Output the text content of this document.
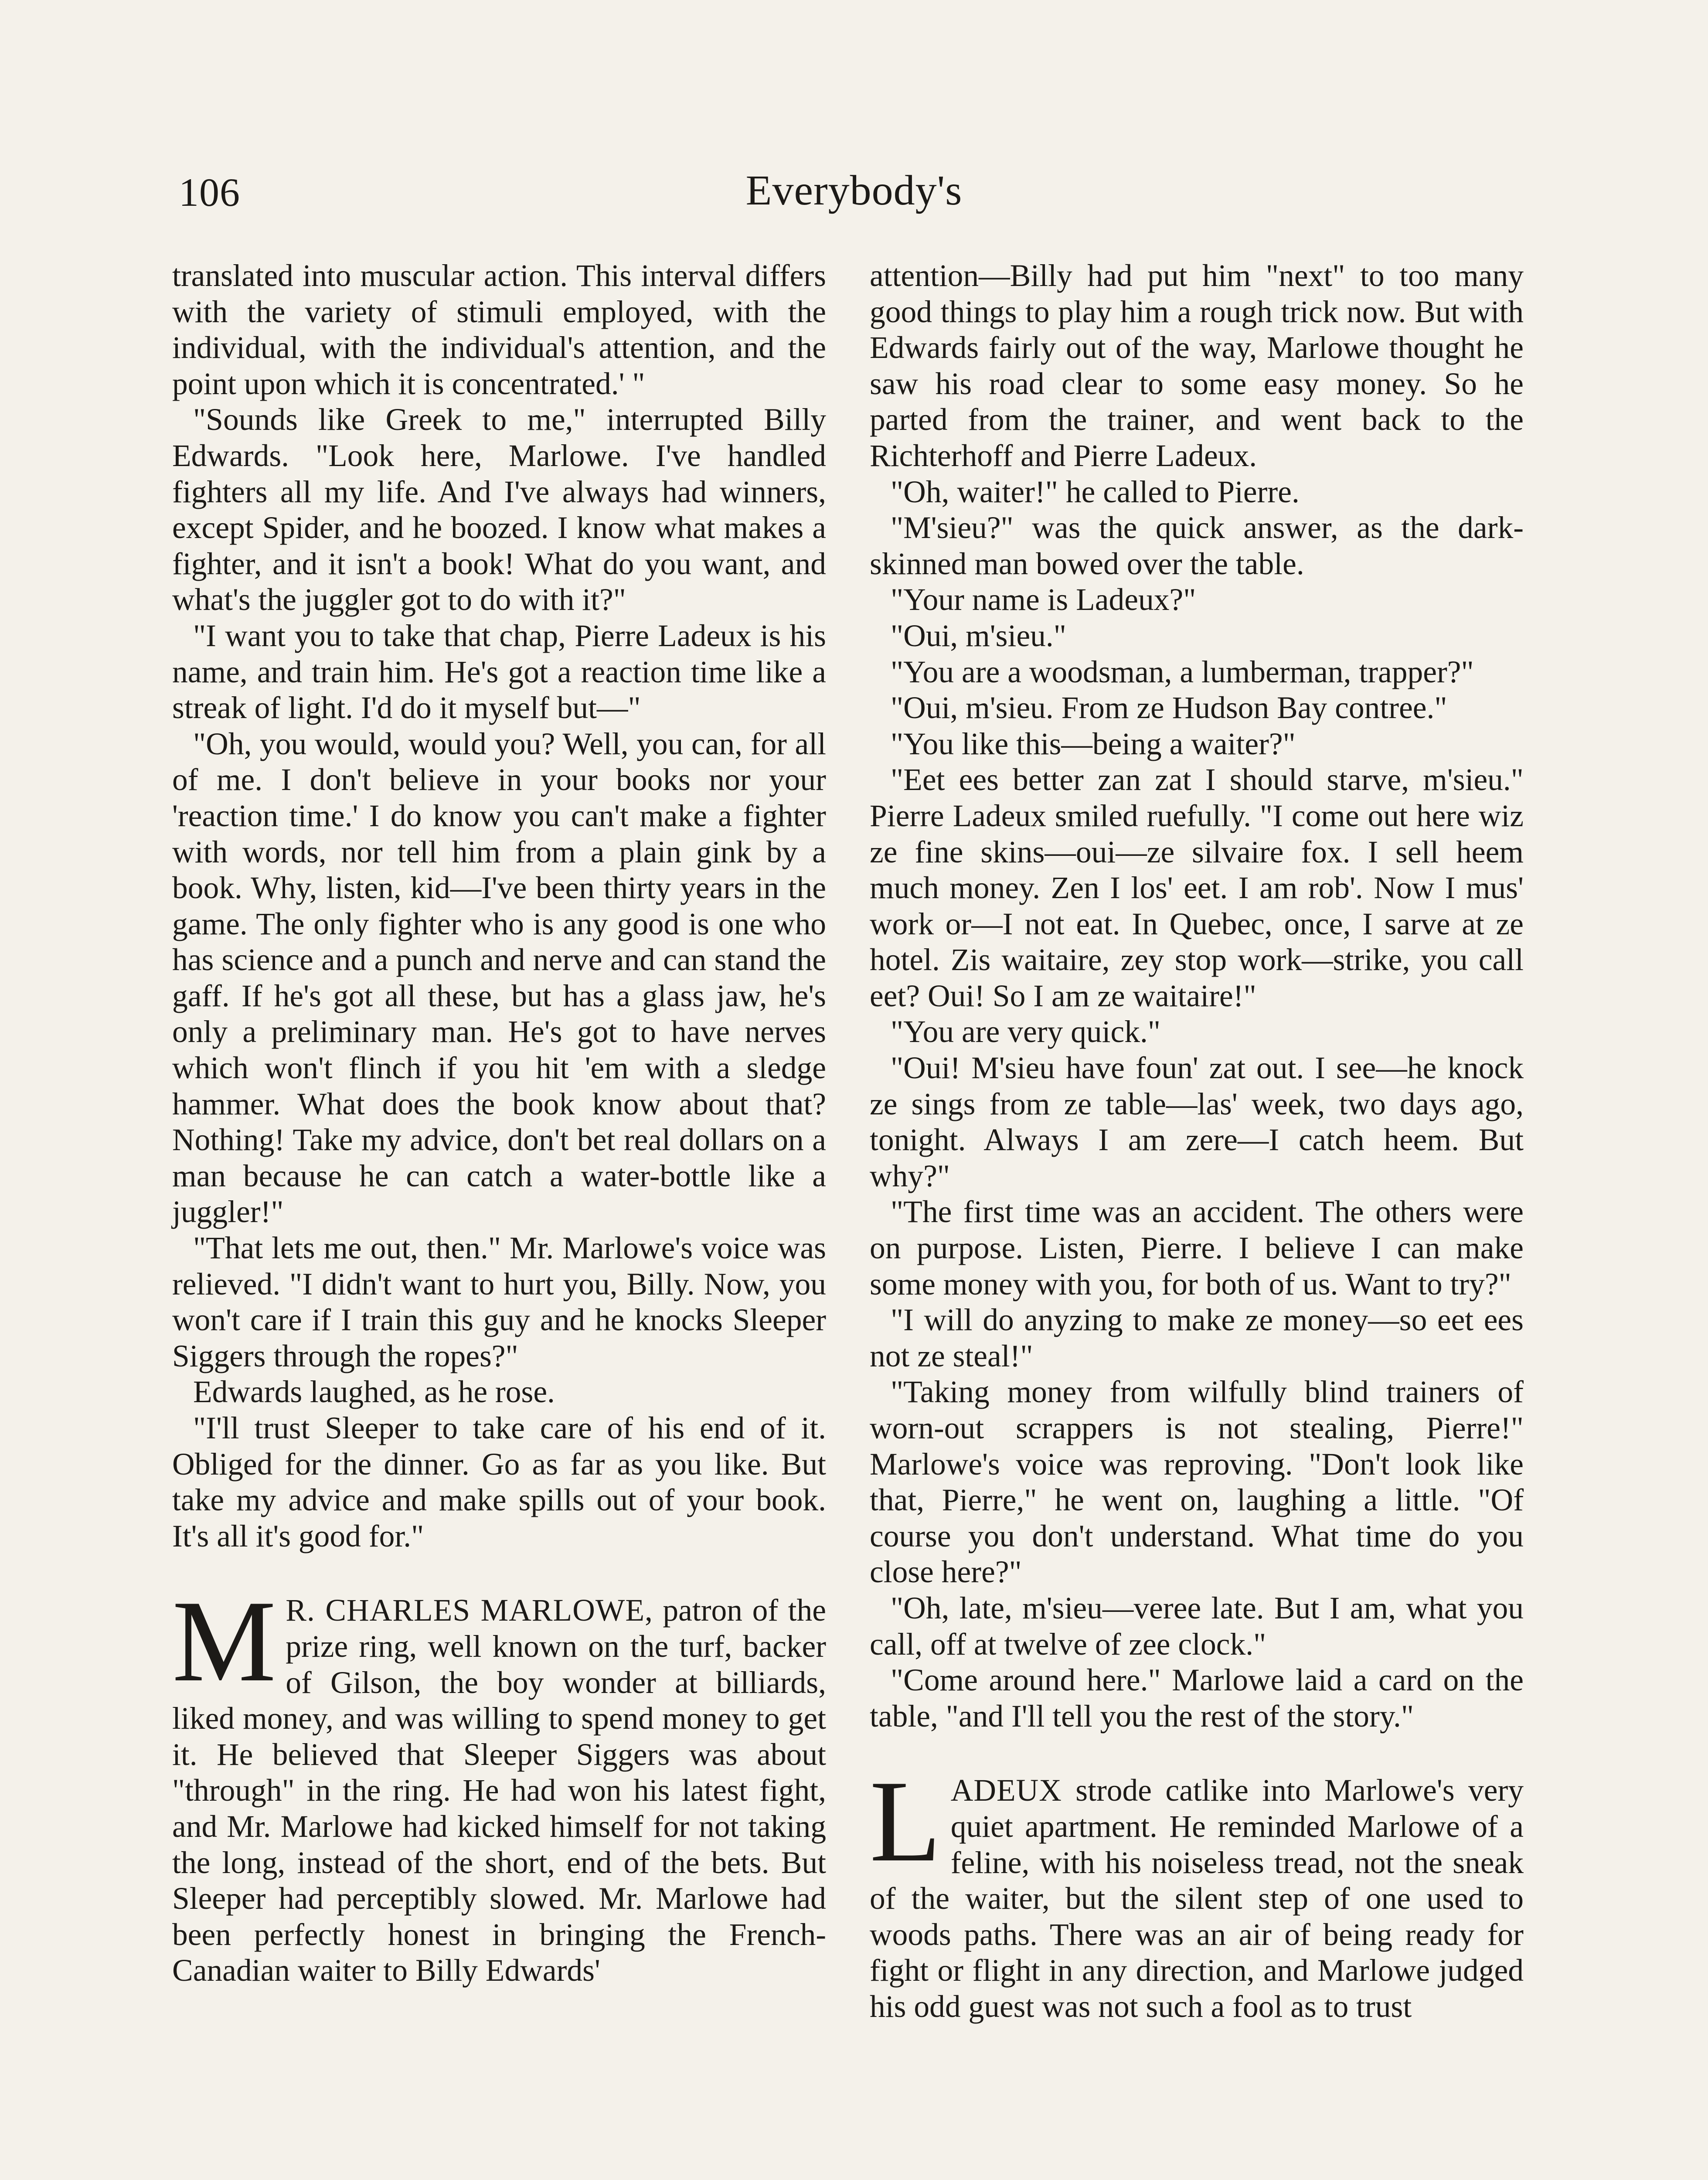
106	Everybody's

translated into muscular action. This interval differs with the variety of stimuli employed, with the individual, with the individual's attention, and the point upon which it is concentrated.' "

"Sounds like Greek to me," interrupted Billy Edwards. "Look here, Marlowe. I've handled fighters all my life. And I've always had winners, except Spider, and he boozed. I know what makes a fighter, and it isn't a book! What do you want, and what's the juggler got to do with it?"

"I want you to take that chap, Pierre Ladeux is his name, and train him. He's got a reaction time like a streak of light. I'd do it myself but—"

"Oh, you would, would you? Well, you can, for all of me. I don't believe in your books nor your 'reaction time.' I do know you can't make a fighter with words, nor tell him from a plain gink by a book. Why, listen, kid—I've been thirty years in the game. The only fighter who is any good is one who has science and a punch and nerve and can stand the gaff. If he's got all these, but has a glass jaw, he's only a preliminary man. He's got to have nerves which won't flinch if you hit 'em with a sledge hammer. What does the book know about that? Nothing! Take my advice, don't bet real dollars on a man because he can catch a water-bottle like a juggler!"

"That lets me out, then." Mr. Marlowe's voice was relieved. "I didn't want to hurt you, Billy. Now, you won't care if I train this guy and he knocks Sleeper Siggers through the ropes?"

Edwards laughed, as he rose.

"I'll trust Sleeper to take care of his end of it. Obliged for the dinner. Go as far as you like. But take my advice and make spills out of your book. It's all it's good for."

M R. CHARLES MARLOWE, patron of the prize ring, well known on the turf, backer of Gilson, the boy wonder at billiards, liked money, and was willing to spend money to get it. He believed that Sleeper Siggers was about "through" in the ring. He had won his latest fight, and Mr. Marlowe had kicked himself for not taking the long, instead of the short, end of the bets. But Sleeper had perceptibly slowed. Mr. Marlowe had been perfectly honest in bringing the French-Canadian waiter to Billy Edwards'

attention—Billy had put him "next" to too many good things to play him a rough trick now. But with Edwards fairly out of the way, Marlowe thought he saw his road clear to some easy money. So he parted from the trainer, and went back to the Richterhoff and Pierre Ladeux.

"Oh, waiter!" he called to Pierre.

"M'sieu?" was the quick answer, as the dark-skinned man bowed over the table.

"Your name is Ladeux?"

"Oui, m'sieu."

"You are a woodsman, a lumberman, trapper?"

"Oui, m'sieu. From ze Hudson Bay contree."

"You like this—being a waiter?"

"Eet ees better zan zat I should starve, m'sieu." Pierre Ladeux smiled ruefully. "I come out here wiz ze fine skins—oui—ze silvaire fox. I sell heem much money. Zen I los' eet. I am rob'. Now I mus' work or—I not eat. In Quebec, once, I sarve at ze hotel. Zis waitaire, zey stop work—strike, you call eet? Oui! So I am ze waitaire!"

"You are very quick."

"Oui! M'sieu have foun' zat out. I see—he knock ze sings from ze table—las' week, two days ago, tonight. Always I am zere—I catch heem. But why?"

"The first time was an accident. The others were on purpose. Listen, Pierre. I believe I can make some money with you, for both of us. Want to try?"

"I will do anyzing to make ze money—so eet ees not ze steal!"

"Taking money from wilfully blind trainers of worn-out scrappers is not stealing, Pierre!" Marlowe's voice was reproving. "Don't look like that, Pierre," he went on, laughing a little. "Of course you don't understand. What time do you close here?"

"Oh, late, m'sieu—veree late. But I am, what you call, off at twelve of zee clock."

"Come around here." Marlowe laid a card on the table, "and I'll tell you the rest of the story."

LADEUX strode catlike into Marlowe's very quiet apartment. He reminded Marlowe of a feline, with his noiseless tread, not the sneak of the waiter, but the silent step of one used to woods paths. There was an air of being ready for fight or flight in any direction, and Marlowe judged his odd guest was not such a fool as to trust
